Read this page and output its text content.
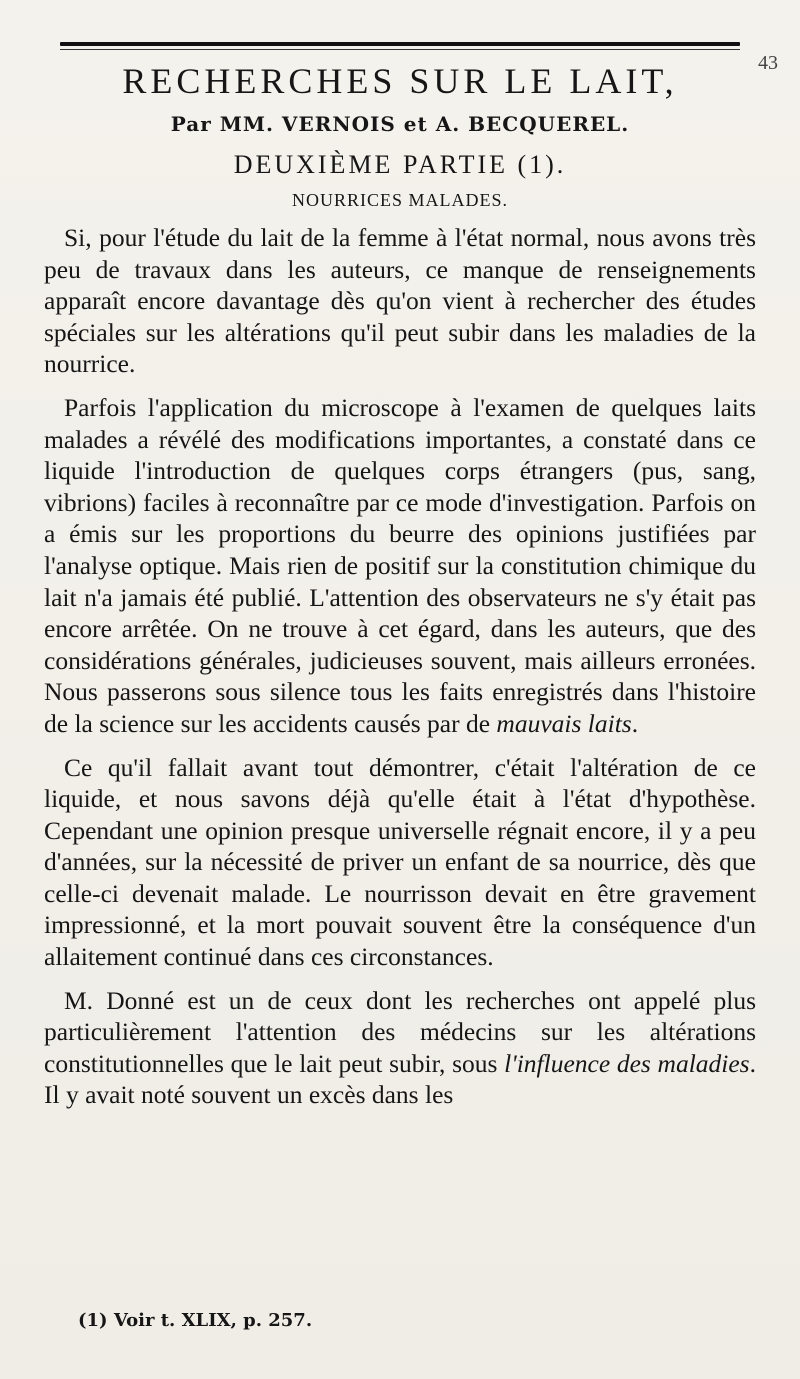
43
RECHERCHES SUR LE LAIT,
Par MM. VERNOIS et A. BECQUEREL.
DEUXIÈME PARTIE (1).
NOURRICES MALADES.

Si, pour l'étude du lait de la femme à l'état normal, nous avons très peu de travaux dans les auteurs, ce manque de renseignements apparaît encore davantage dès qu'on vient à rechercher des études spéciales sur les altérations qu'il peut subir dans les maladies de la nourrice.

Parfois l'application du microscope à l'examen de quelques laits malades a révélé des modifications importantes, a constaté dans ce liquide l'introduction de quelques corps étrangers (pus, sang, vibrions) faciles à reconnaître par ce mode d'investigation. Parfois on a émis sur les proportions du beurre des opinions justifiées par l'analyse optique. Mais rien de positif sur la constitution chimique du lait n'a jamais été publié. L'attention des observateurs ne s'y était pas encore arrêtée. On ne trouve à cet égard, dans les auteurs, que des considérations générales, judicieuses souvent, mais ailleurs erronées. Nous passerons sous silence tous les faits enregistrés dans l'histoire de la science sur les accidents causés par de mauvais laits.

Ce qu'il fallait avant tout démontrer, c'était l'altération de ce liquide, et nous savons déjà qu'elle était à l'état d'hypothèse. Cependant une opinion presque universelle régnait encore, il y a peu d'années, sur la nécessité de priver un enfant de sa nourrice, dès que celle-ci devenait malade. Le nourrisson devait en être gravement impressionné, et la mort pouvait souvent être la conséquence d'un allaitement continué dans ces circonstances.

M. Donné est un de ceux dont les recherches ont appelé plus particulièrement l'attention des médecins sur les altérations constitutionnelles que le lait peut subir, sous l'influence des maladies. Il y avait noté souvent un excès dans les

(1) Voir t. XLIX, p. 257.
